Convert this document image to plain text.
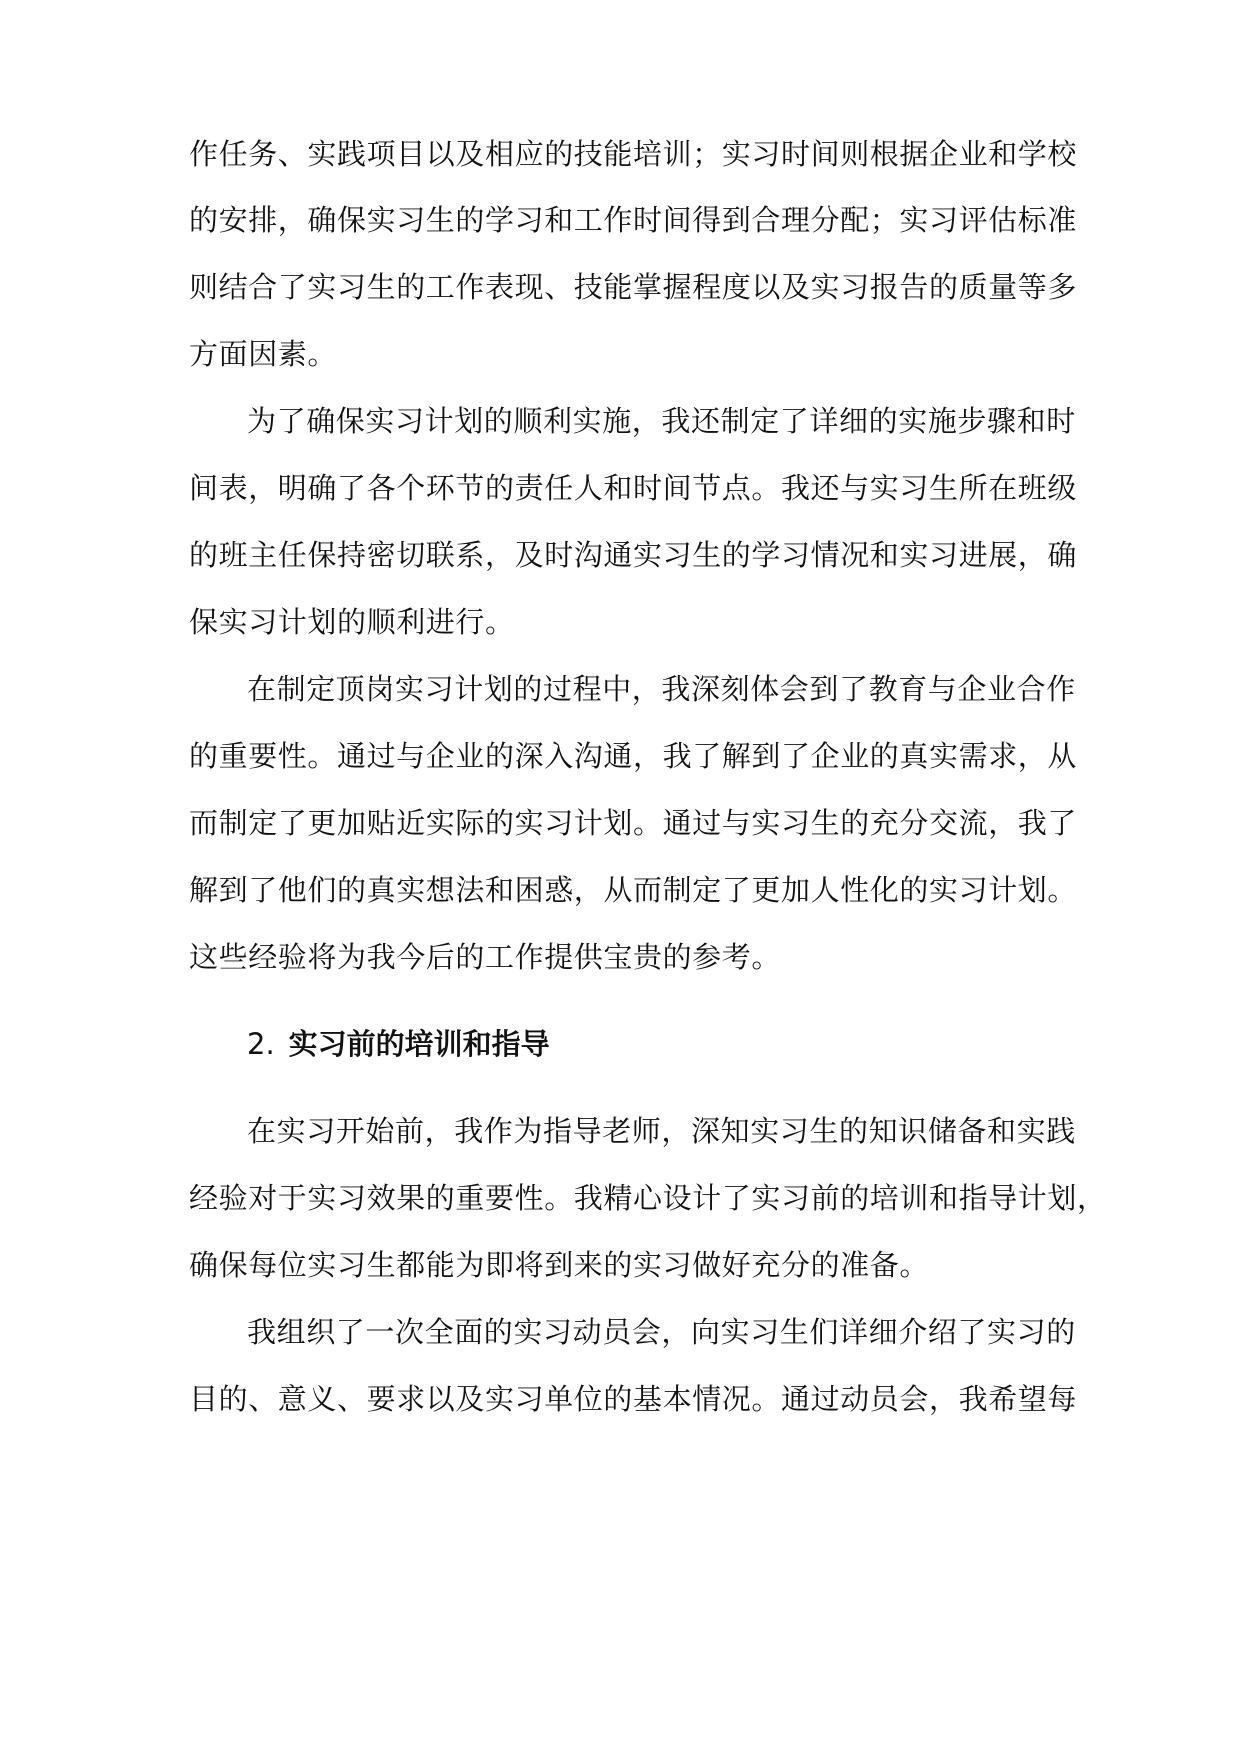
作任务、实践项目以及相应的技能培训；实习时间则根据企业和学校
的安排，确保实习生的学习和工作时间得到合理分配；实习评估标准
则结合了实习生的工作表现、技能掌握程度以及实习报告的质量等多
方面因素。
为了确保实习计划的顺利实施，我还制定了详细的实施步骤和时
间表，明确了各个环节的责任人和时间节点。我还与实习生所在班级
的班主任保持密切联系，及时沟通实习生的学习情况和实习进展，确
保实习计划的顺利进行。
在制定顶岗实习计划的过程中，我深刻体会到了教育与企业合作
的重要性。通过与企业的深入沟通，我了解到了企业的真实需求，从
而制定了更加贴近实际的实习计划。通过与实习生的充分交流，我了
解到了他们的真实想法和困惑，从而制定了更加人性化的实习计划。
这些经验将为我今后的工作提供宝贵的参考。
2. 实习前的培训和指导
在实习开始前，我作为指导老师，深知实习生的知识储备和实践
经验对于实习效果的重要性。我精心设计了实习前的培训和指导计划，
确保每位实习生都能为即将到来的实习做好充分的准备。
我组织了一次全面的实习动员会，向实习生们详细介绍了实习的
目的、意义、要求以及实习单位的基本情况。通过动员会，我希望每
